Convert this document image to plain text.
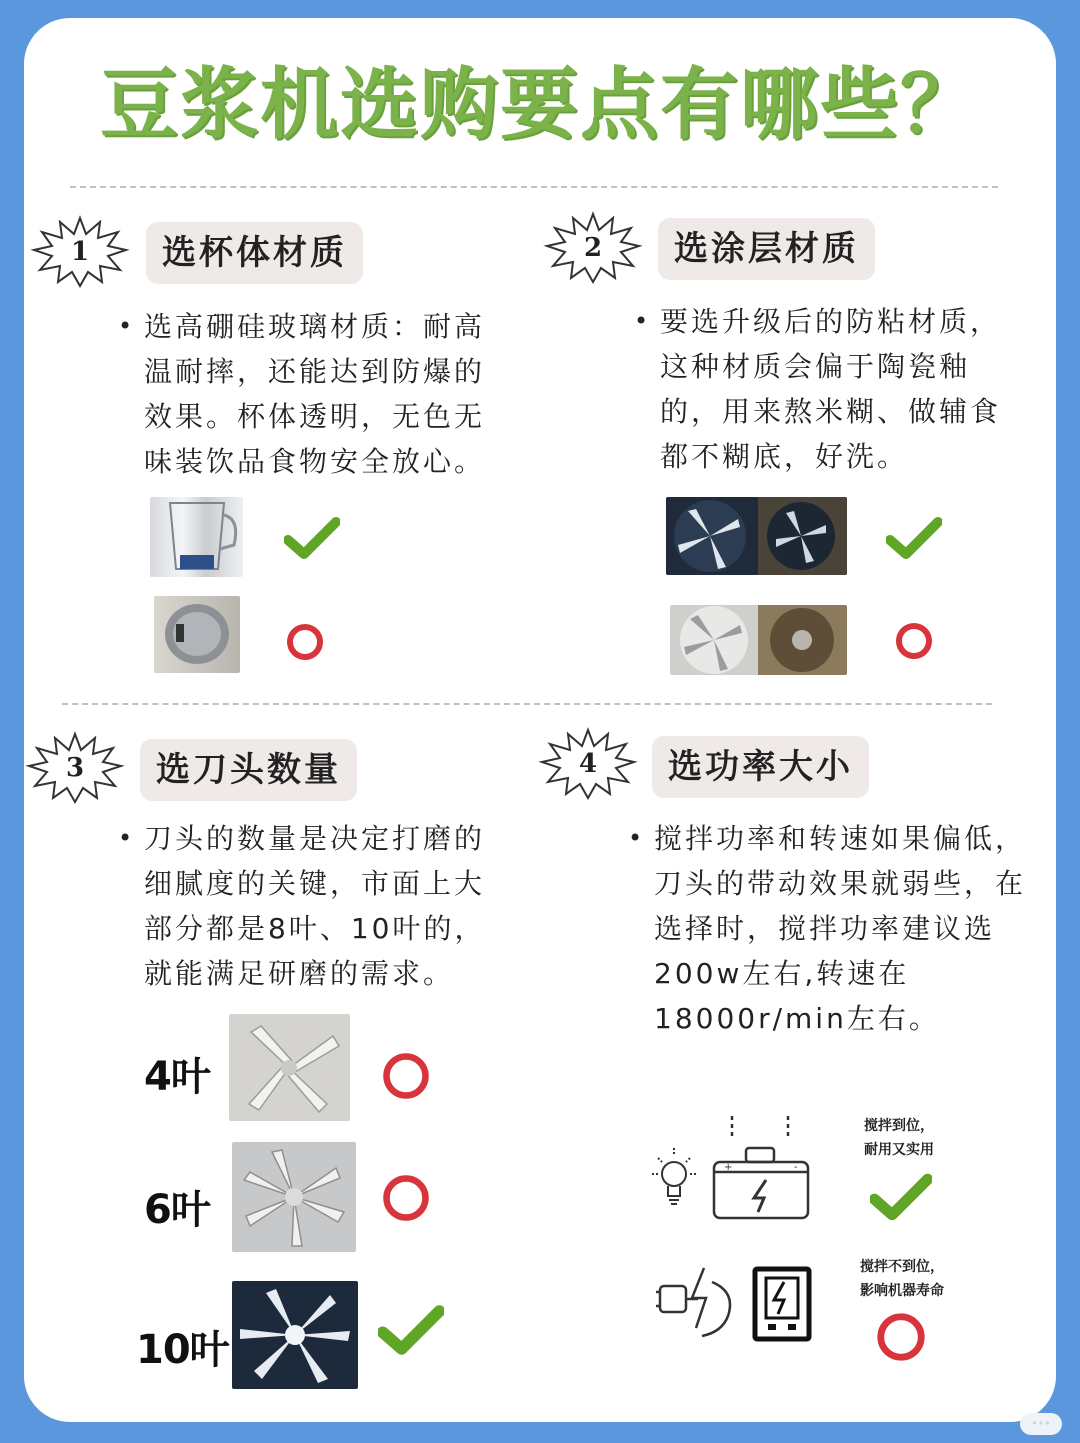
豆浆机选购要点有哪些？
1	选杯体材质
• 选高硼硅玻璃材质：耐高
温耐摔，还能达到防爆的
效果。杯体透明，无色无
味装饮品食物安全放心。
2	选涂层材质
• 要选升级后的防粘材质，
这种材质会偏于陶瓷釉
的，用来熬米糊、做辅食
都不糊底，好洗。
3	选刀头数量
• 刀头的数量是决定打磨的
细腻度的关键，市面上大
部分都是8叶、10叶的，
就能满足研磨的需求。
4叶
6叶
10叶
4	选功率大小
• 搅拌功率和转速如果偏低，
刀头的带动效果就弱些，在
选择时，搅拌功率建议选
200w左右,转速在
18000r/min左右。
+	-
搅拌到位，
耐用又实用
搅拌不到位，
影响机器寿命
•••
